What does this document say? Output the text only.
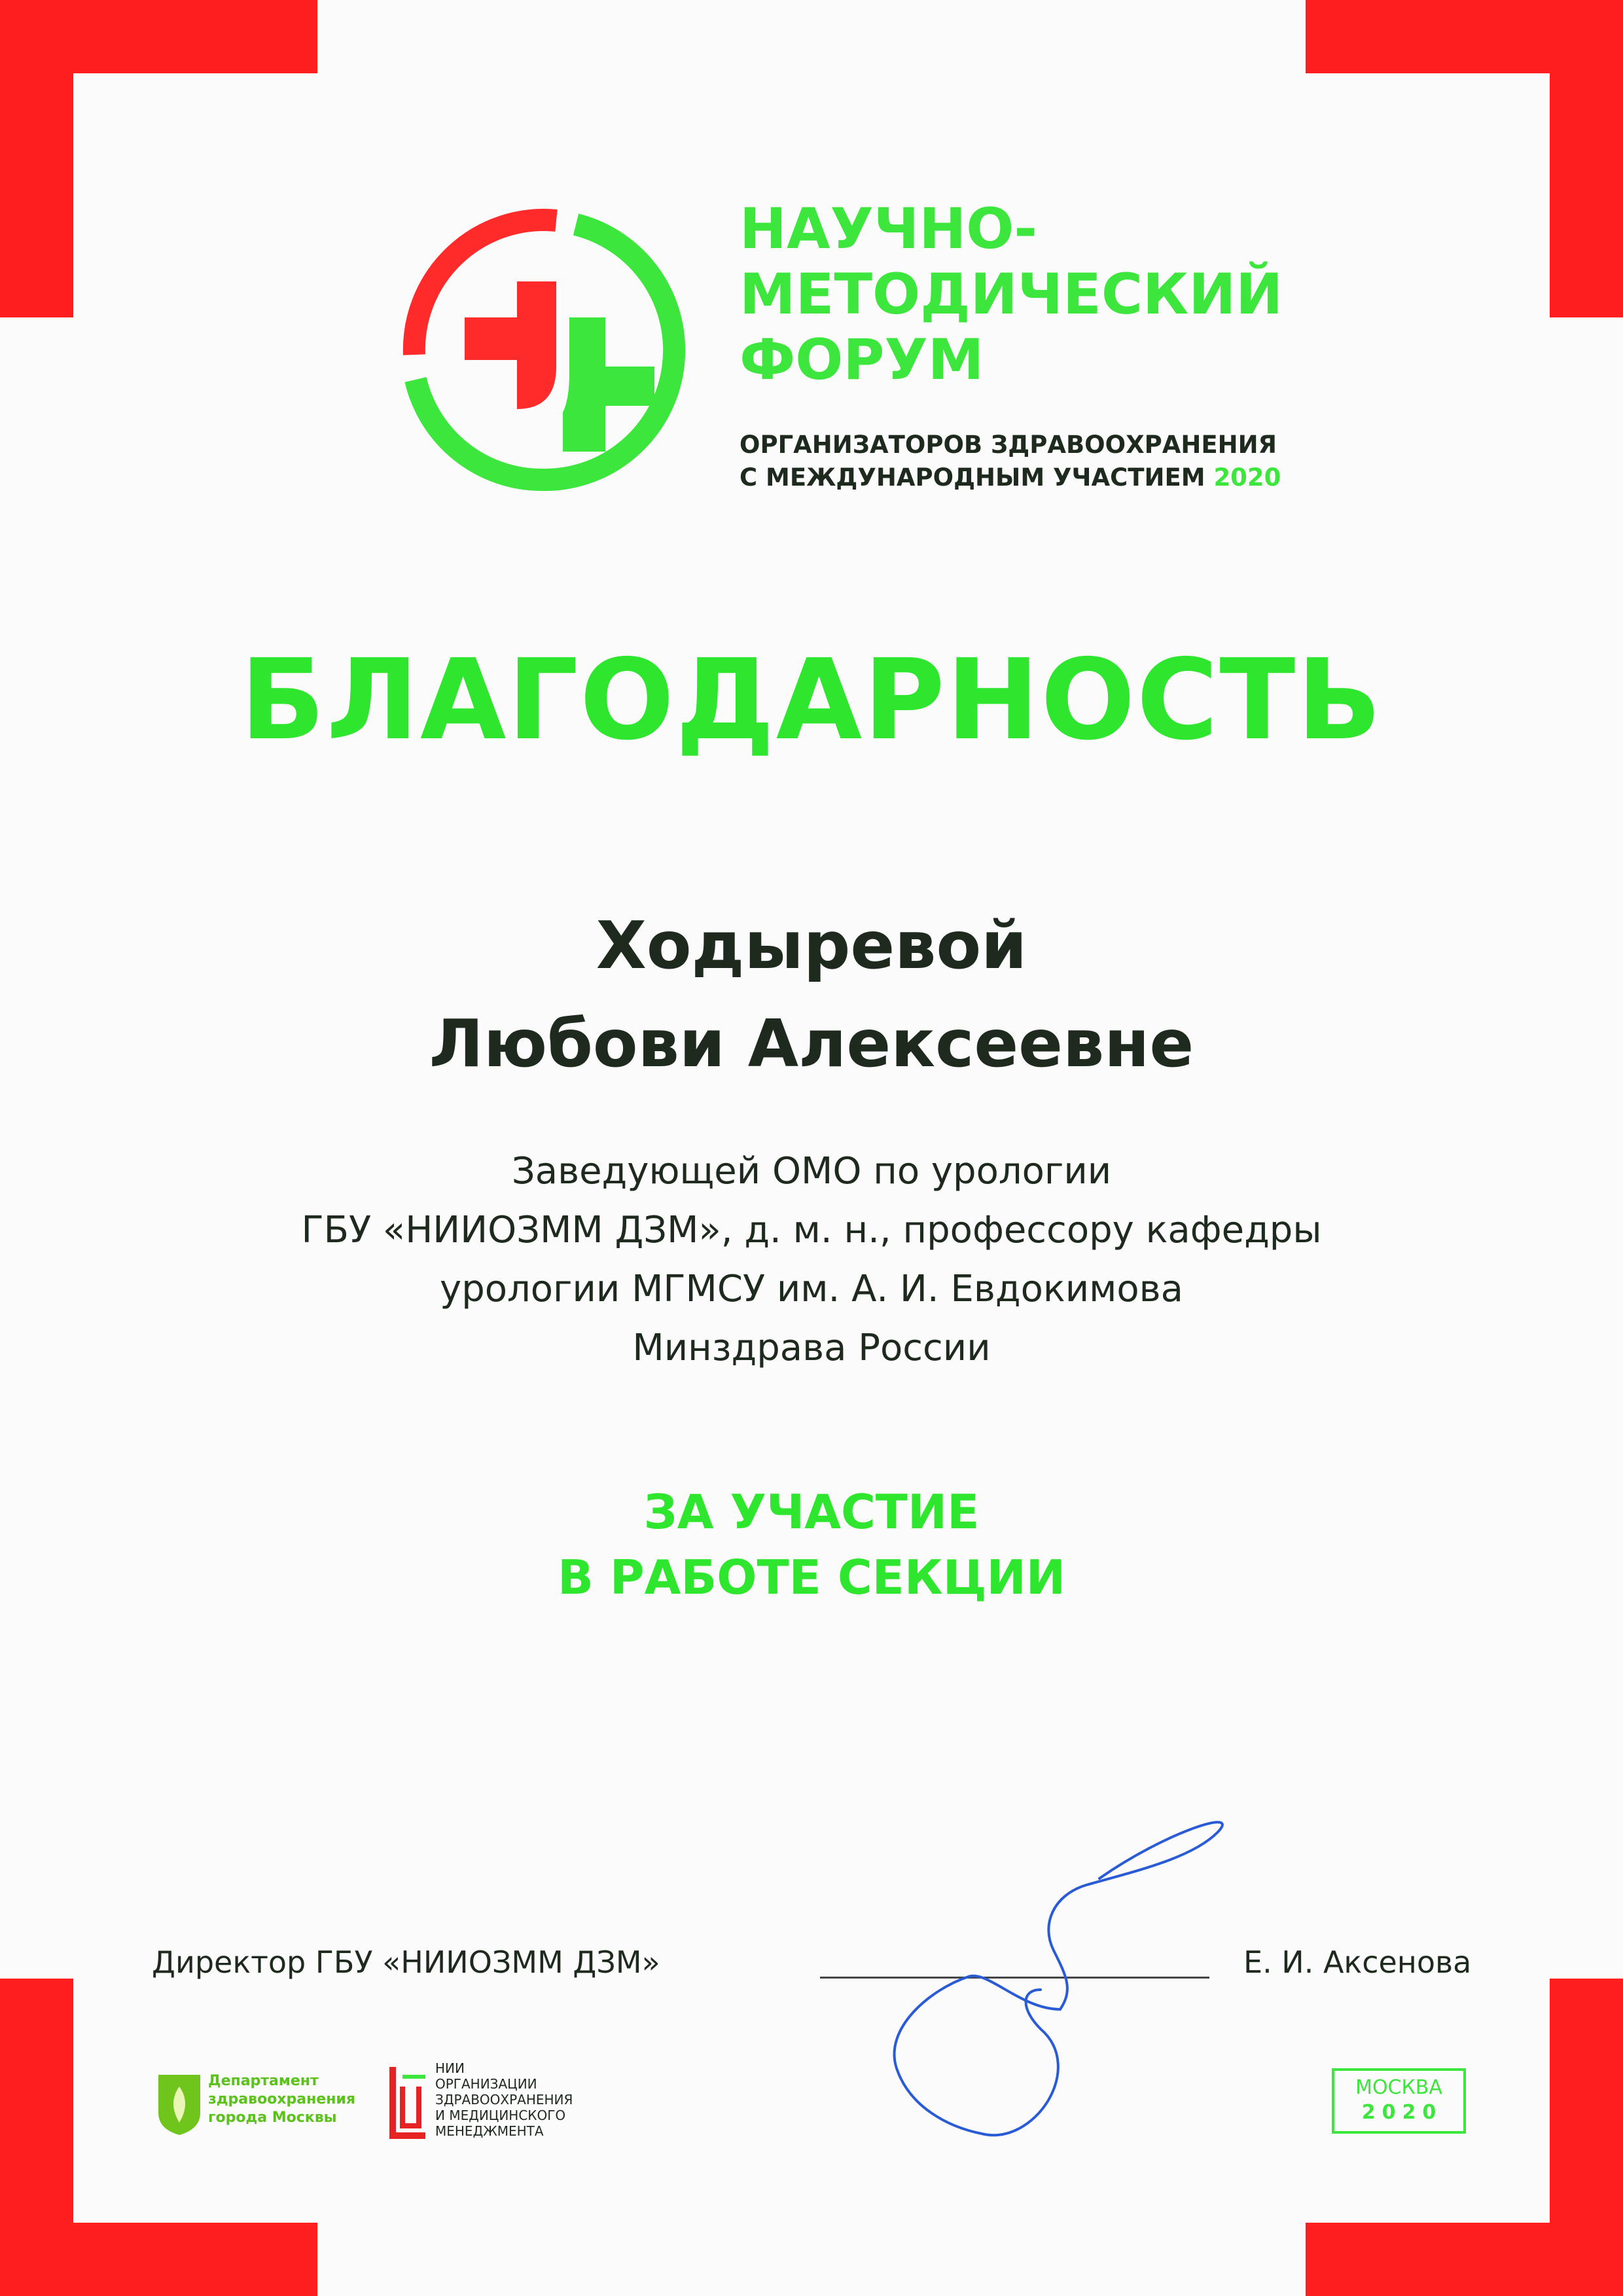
НАУЧНО-
МЕТОДИЧЕСКИЙ
ФОРУМ
ОРГАНИЗАТОРОВ ЗДРАВООХРАНЕНИЯ
С МЕЖДУНАРОДНЫМ УЧАСТИЕМ 2020
БЛАГОДАРНОСТЬ
Ходыревой
Любови Алексеевне
Заведующей ОМО по урологии
ГБУ «НИИОЗММ ДЗМ», д. м. н., профессору кафедры
урологии МГМСУ им. А. И. Евдокимова
Минздрава России
ЗА УЧАСТИЕ
В РАБОТЕ СЕКЦИИ
Директор ГБУ «НИИОЗММ ДЗМ»	Е. И. Аксенова
Департамент
здравоохранения
города Москвы
НИИ
ОРГАНИЗАЦИИ
ЗДРАВООХРАНЕНИЯ
И МЕДИЦИНСКОГО
МЕНЕДЖМЕНТА
МОСКВА
2020
